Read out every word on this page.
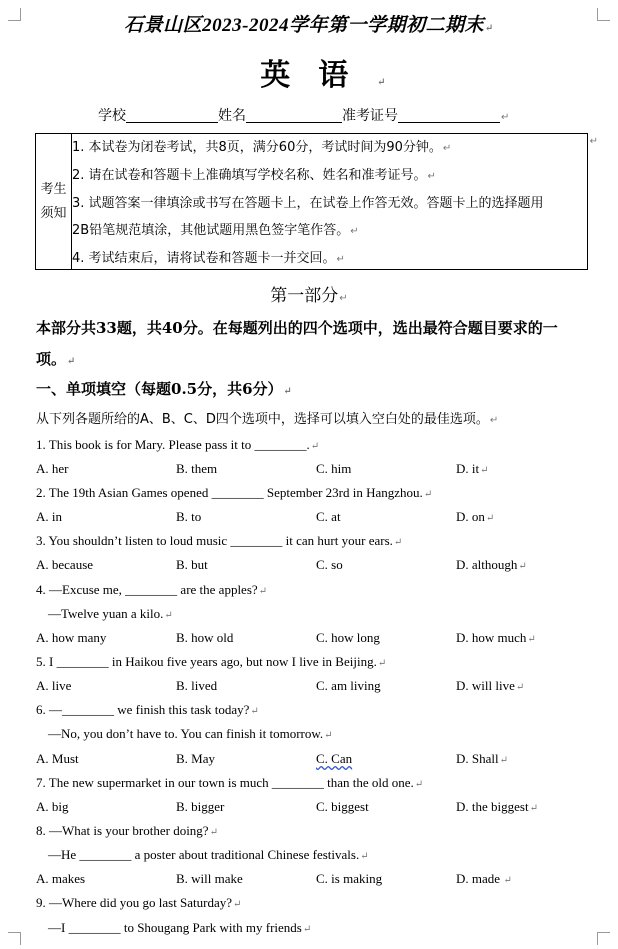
石景山区2023-2024学年第一学期初二期末↵
英语↵
学校	姓名	准考证号	↵
考生
须知
1. 本试卷为闭卷考试，共8页，满分60分，考试时间为90分钟。↵
2. 请在试卷和答题卡上准确填写学校名称、姓名和准考证号。↵
3. 试题答案一律填涂或书写在答题卡上，在试卷上作答无效。答题卡上的选择题用
2B铅笔规范填涂，其他试题用黑色签字笔作答。↵
4. 考试结束后，请将试卷和答题卡一并交回。↵
↵
第一部分↵
本部分共33题，共40分。在每题列出的四个选项中，选出最符合题目要求的一
项。↵
一、单项填空（每题0.5分，共6分）↵
从下列各题所给的A、B、C、D四个选项中，选择可以填入空白处的最佳选项。↵
1. This book is for Mary. Please pass it to ________.↵
A. her	B. them	C. him	D. it↵
2. The 19th Asian Games opened ________ September 23rd in Hangzhou.↵
A. in	B. to	C. at	D. on↵
3. You shouldn’t listen to loud music ________ it can hurt your ears.↵
A. because	B. but	C. so	D. although↵
4. —Excuse me, ________ are the apples?↵
—Twelve yuan a kilo.↵
A. how many	B. how old	C. how long	D. how much↵
5. I ________ in Haikou five years ago, but now I live in Beijing.↵
A. live	B. lived	C. am living	D. will live↵
6. —________ we finish this task today?↵
—No, you don’t have to. You can finish it tomorrow.↵
A. Must	B. May	C. Can	D. Shall↵
7. The new supermarket in our town is much ________ than the old one.↵
A. big	B. bigger	C. biggest	D. the biggest↵
8. —What is your brother doing?↵
—He ________ a poster about traditional Chinese festivals.↵
A. makes	B. will make	C. is making	D. made ↵
9. —Where did you go last Saturday?↵
—I ________ to Shougang Park with my friends↵
